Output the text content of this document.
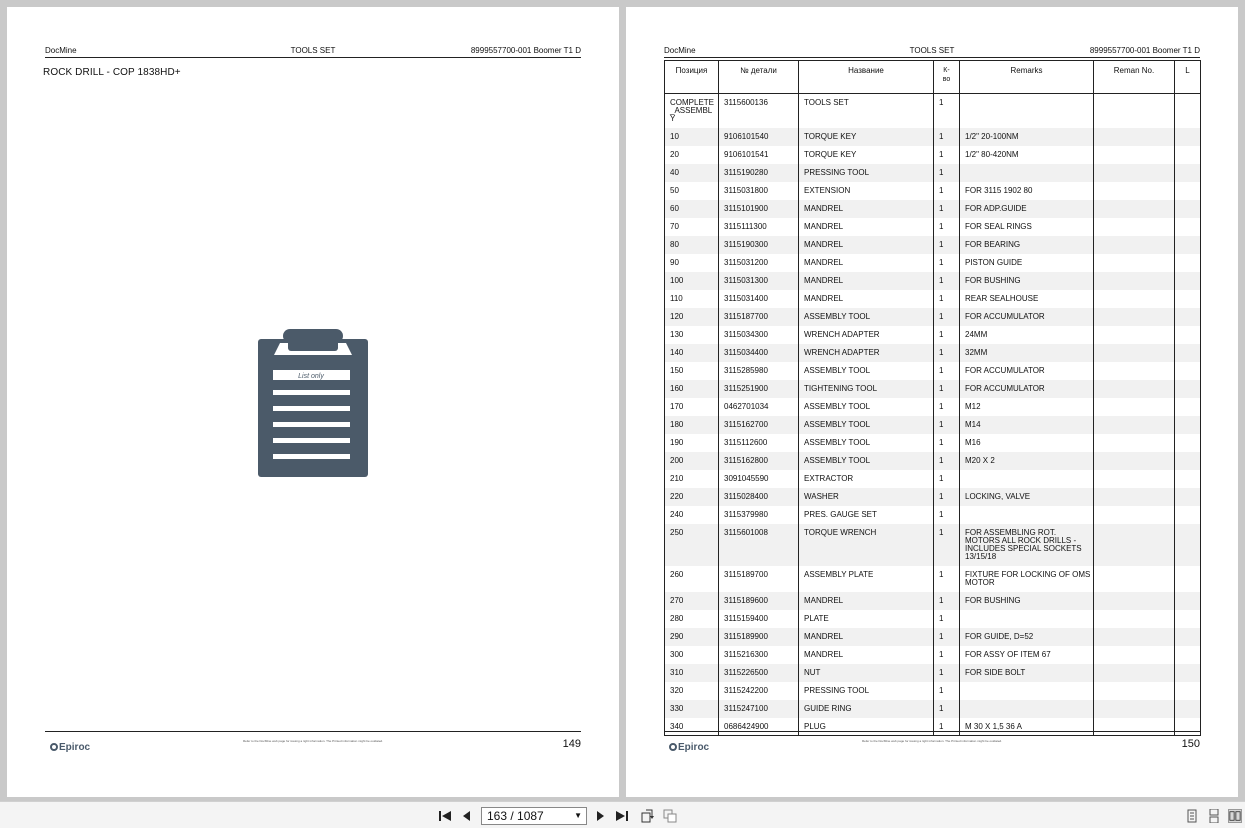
DocMine	TOOLS SET	8999557700-001 Boomer T1 D
ROCK DRILL - COP 1838HD+
List only
Epiroc
Refer to the DocMine web page for issuing a right information. The Printed information might be outdated.	149
DocMine	TOOLS SET	8999557700-001 Boomer T1 D
Позиция	№ детали	Название	К-во	Remarks	Reman No.	L
COMPLETE_ASSEMBLY	3115600136	TOOLS SET	1			
10	9106101540	TORQUE KEY	1	1/2" 20-100NM		
20	9106101541	TORQUE KEY	1	1/2" 80-420NM		
40	3115190280	PRESSING TOOL	1			
50	3115031800	EXTENSION	1	FOR 3115 1902 80		
60	3115101900	MANDREL	1	FOR ADP.GUIDE		
70	3115111300	MANDREL	1	FOR SEAL RINGS		
80	3115190300	MANDREL	1	FOR BEARING		
90	3115031200	MANDREL	1	PISTON GUIDE		
100	3115031300	MANDREL	1	FOR BUSHING		
110	3115031400	MANDREL	1	REAR SEALHOUSE		
120	3115187700	ASSEMBLY TOOL	1	FOR ACCUMULATOR		
130	3115034300	WRENCH ADAPTER	1	24MM		
140	3115034400	WRENCH ADAPTER	1	32MM		
150	3115285980	ASSEMBLY TOOL	1	FOR ACCUMULATOR		
160	3115251900	TIGHTENING TOOL	1	FOR ACCUMULATOR		
170	0462701034	ASSEMBLY TOOL	1	M12		
180	3115162700	ASSEMBLY TOOL	1	M14		
190	3115112600	ASSEMBLY TOOL	1	M16		
200	3115162800	ASSEMBLY TOOL	1	M20 X 2		
210	3091045590	EXTRACTOR	1			
220	3115028400	WASHER	1	LOCKING, VALVE		
240	3115379980	PRES. GAUGE SET	1			
250	3115601008	TORQUE WRENCH	1	FOR ASSEMBLING ROT. MOTORS ALL ROCK DRILLS - INCLUDES SPECIAL SOCKETS 13/15/18		
260	3115189700	ASSEMBLY PLATE	1	FIXTURE FOR LOCKING OF OMS MOTOR		
270	3115189600	MANDREL	1	FOR BUSHING		
280	3115159400	PLATE	1			
290	3115189900	MANDREL	1	FOR GUIDE, D=52		
300	3115216300	MANDREL	1	FOR ASSY OF ITEM 67		
310	3115226500	NUT	1	FOR SIDE BOLT		
320	3115242200	PRESSING TOOL	1			
330	3115247100	GUIDE RING	1			
340	0686424900	PLUG	1	M 30 X 1,5 36 A		
Epiroc
Refer to the DocMine web page for issuing a right information. The Printed information might be outdated.	150
163 / 1087	▼
